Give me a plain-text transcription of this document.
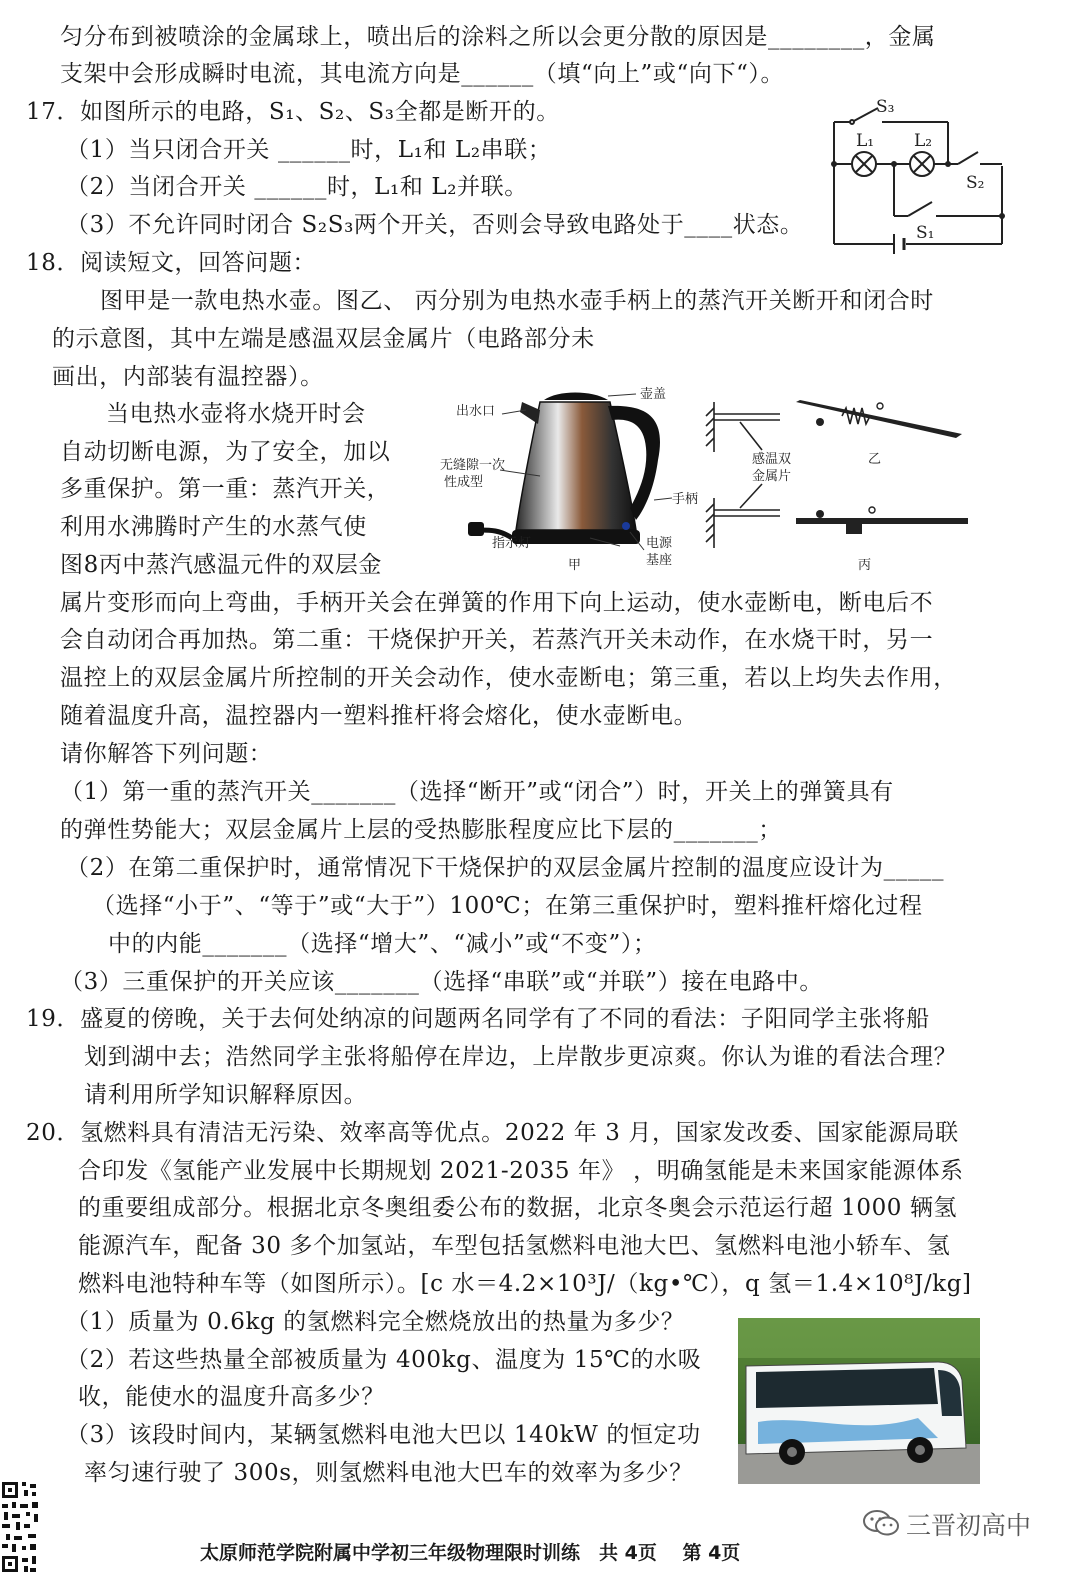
匀分布到被喷涂的金属球上，喷出后的涂料之所以会更分散的原因是________，金属
支架中会形成瞬时电流，其电流方向是______（填“向上”或“向下“）。
17．如图所示的电路，S₁、S₂、S₃全都是断开的。
（1）当只闭合开关 ______时，L₁和 L₂串联；
（2）当闭合开关 ______时，L₁和 L₂并联。
（3）不允许同时闭合 S₂S₃两个开关，否则会导致电路处于____状态。
18．阅读短文，回答问题：
图甲是一款电热水壶。图乙、 丙分别为电热水壶手柄上的蒸汽开关断开和闭合时
的示意图，其中左端是感温双层金属片（电路部分未
画出，内部装有温控器）。
当电热水壶将水烧开时会
自动切断电源，为了安全，加以
多重保护。第一重：蒸汽开关，
利用水沸腾时产生的水蒸气使
图8丙中蒸汽感温元件的双层金
属片变形而向上弯曲，手柄开关会在弹簧的作用下向上运动，使水壶断电，断电后不
会自动闭合再加热。第二重：干烧保护开关，若蒸汽开关未动作，在水烧干时，另一
温控上的双层金属片所控制的开关会动作，使水壶断电；第三重，若以上均失去作用，
随着温度升高，温控器内一塑料推杆将会熔化，使水壶断电。
请你解答下列问题：
（1）第一重的蒸汽开关_______（选择“断开”或“闭合”）时，开关上的弹簧具有
的弹性势能大；双层金属片上层的受热膨胀程度应比下层的_______；
（2）在第二重保护时，通常情况下干烧保护的双层金属片控制的温度应设计为_____
（选择“小于”、“等于”或“大于”）100℃；在第三重保护时，塑料推杆熔化过程
中的内能_______（选择“增大”、“减小”或“不变”）；
（3）三重保护的开关应该_______（选择“串联”或“并联”）接在电路中。
19．盛夏的傍晚，关于去何处纳凉的问题两名同学有了不同的看法：子阳同学主张将船
划到湖中去；浩然同学主张将船停在岸边，上岸散步更凉爽。你认为谁的看法合理？
请利用所学知识解释原因。
20．氢燃料具有清洁无污染、效率高等优点。2022 年 3 月，国家发改委、国家能源局联
合印发《氢能产业发展中长期规划 2021-2035 年》 ，明确氢能是未来国家能源体系
的重要组成部分。根据北京冬奥组委公布的数据，北京冬奥会示范运行超 1000 辆氢
能源汽车，配备 30 多个加氢站，车型包括氢燃料电池大巴、氢燃料电池小轿车、氢
燃料电池特种车等（如图所示）。[c 水＝4.2×10³J/（kg•℃），q 氢＝1.4×10⁸J/kg]
（1）质量为 0.6kg 的氢燃料完全燃烧放出的热量为多少？
（2）若这些热量全部被质量为 400kg、温度为 15℃的水吸
收，能使水的温度升高多少？
（3）该段时间内，某辆氢燃料电池大巴以 140kW 的恒定功
率匀速行驶了 300s，则氢燃料电池大巴车的效率为多少？
S₃
L₁ L₂
S₂
S₁
出水口
壶盖
无缝隙一次
性成型
手柄
指示灯	电源
基座
甲
感温双
金属片
乙
丙
三晋初高中
太原师范学院附属中学初三年级物理限时训练　共 4页　 第 4页
